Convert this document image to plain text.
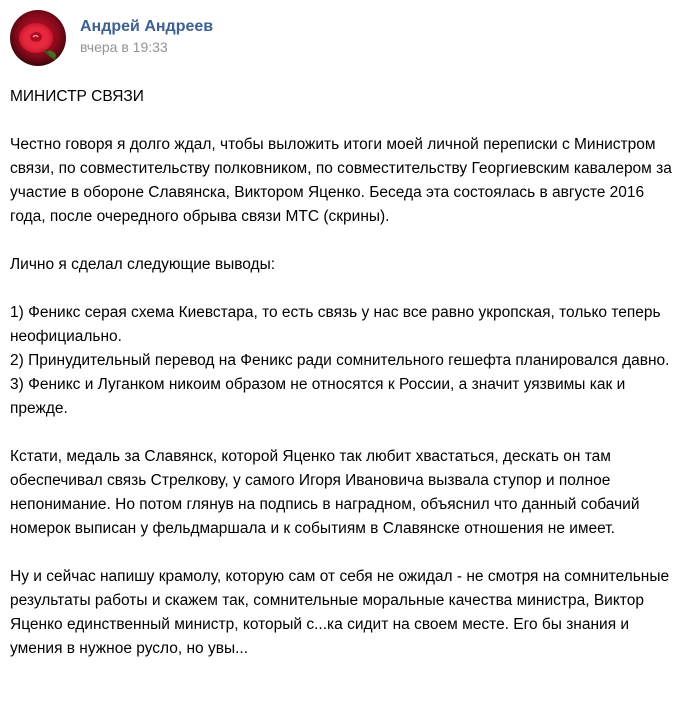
Андрей Андреев
вчера в 19:33

МИНИСТР СВЯЗИ

Честно говоря я долго ждал, чтобы выложить итоги моей личной переписки с Министром связи, по совместительству полковником, по совместительству Георгиевским кавалером за участие в обороне Славянска, Виктором Яценко. Беседа эта состоялась в августе 2016 года, после очередного обрыва связи МТС (скрины).

Лично я сделал следующие выводы:

1) Феникс серая схема Киевстара, то есть связь у нас все равно укропская, только теперь неофициально.

2) Принудительный перевод на Феникс ради сомнительного гешефта планировался давно.

3) Феникс и Луганком никоим образом не относятся к России, а значит уязвимы как и прежде.

Кстати, медаль за Славянск, которой Яценко так любит хвастаться, дескать он там обеспечивал связь Стрелкову, у самого Игоря Ивановича вызвала ступор и полное непонимание. Но потом глянув на подпись в наградном, объяснил что данный собачий номерок выписан у фельдмаршала и к событиям в Славянске отношения не имеет.

Ну и сейчас напишу крамолу, которую сам от себя не ожидал - не смотря на сомнительные результаты работы и скажем так, сомнительные моральные качества министра, Виктор Яценко единственный министр, который с...ка сидит на своем месте. Его бы знания и умения в нужное русло, но увы...
